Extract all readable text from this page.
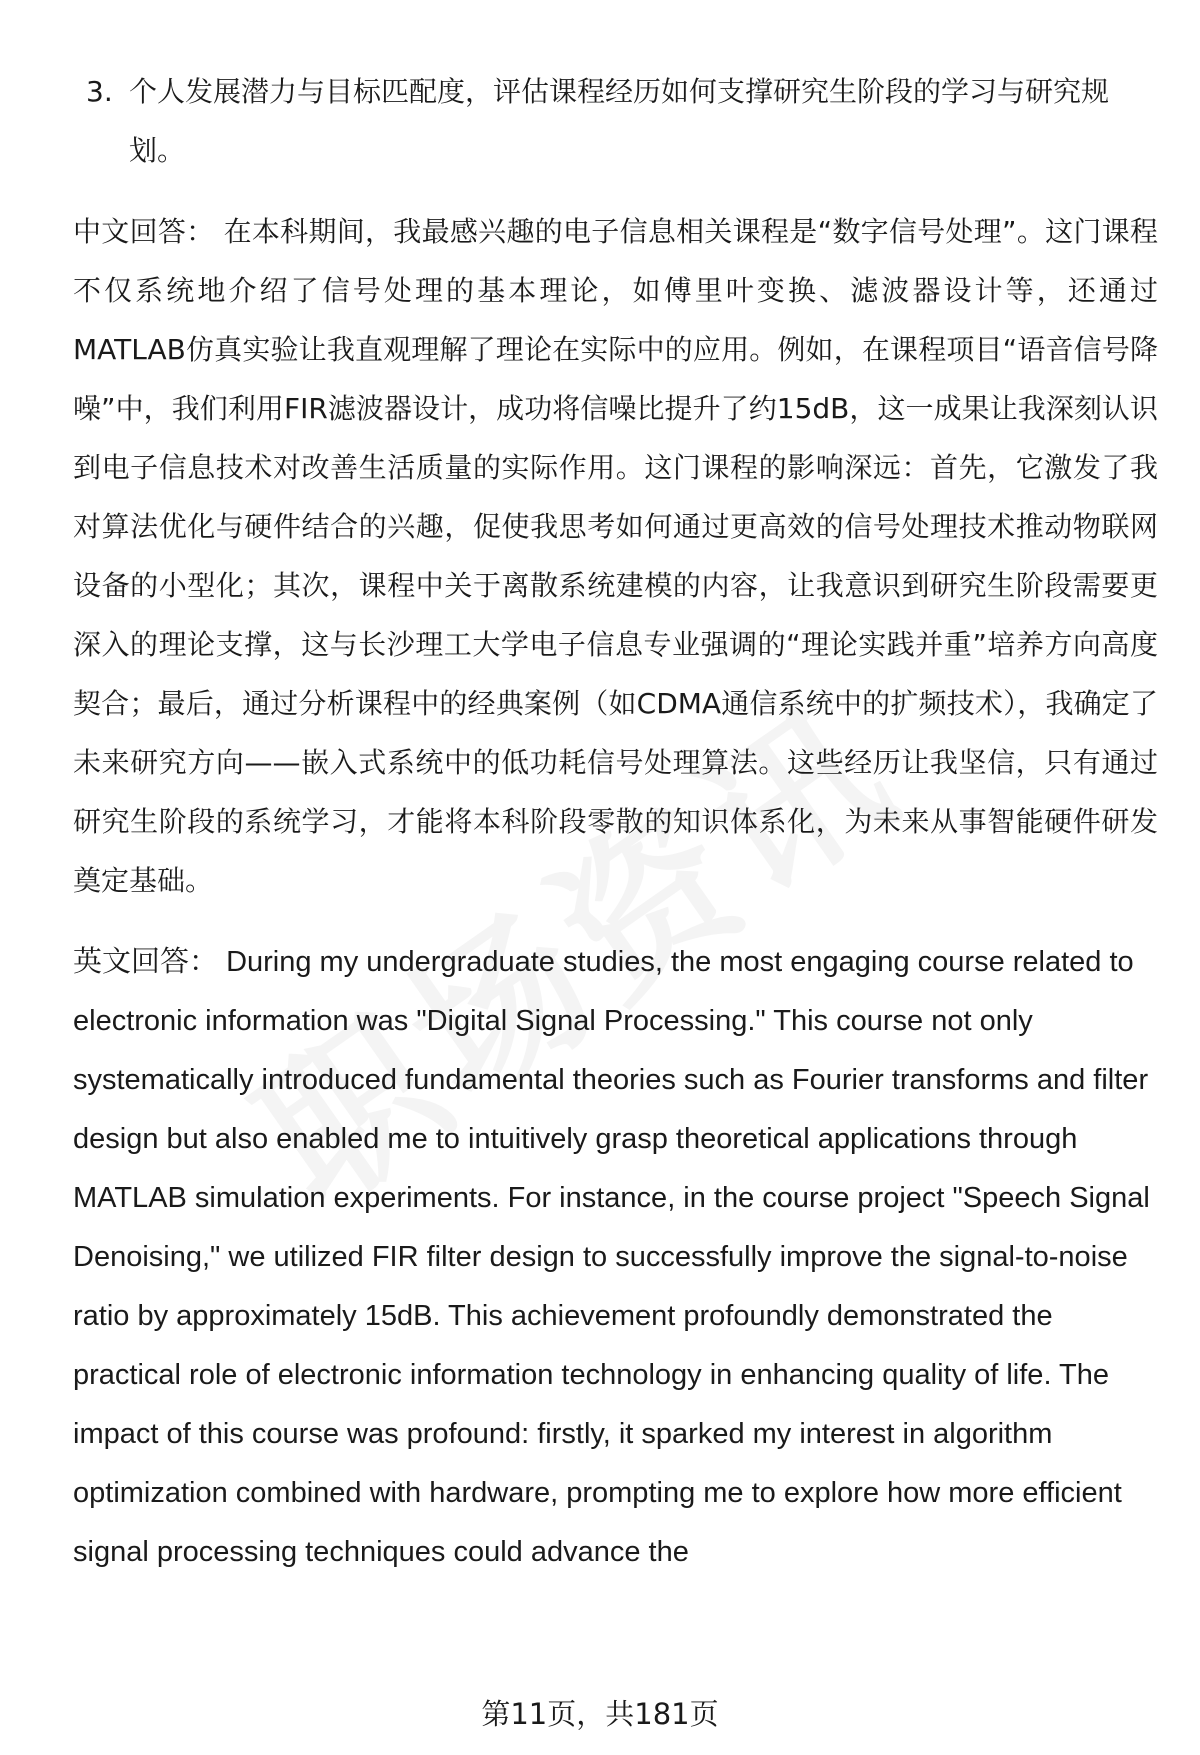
3. 个人发展潜力与目标匹配度，评估课程经历如何支撑研究生阶段的学习与研究规划。

中文回答： 在本科期间，我最感兴趣的电子信息相关课程是“数字信号处理”。这门课程不仅系统地介绍了信号处理的基本理论，如傅里叶变换、滤波器设计等，还通过MATLAB仿真实验让我直观理解了理论在实际中的应用。例如，在课程项目“语音信号降噪”中，我们利用FIR滤波器设计，成功将信噪比提升了约15dB，这一成果让我深刻认识到电子信息技术对改善生活质量的实际作用。这门课程的影响深远：首先，它激发了我对算法优化与硬件结合的兴趣，促使我思考如何通过更高效的信号处理技术推动物联网设备的小型化；其次，课程中关于离散系统建模的内容，让我意识到研究生阶段需要更深入的理论支撑，这与长沙理工大学电子信息专业强调的“理论实践并重”培养方向高度契合；最后，通过分析课程中的经典案例（如CDMA通信系统中的扩频技术），我确定了未来研究方向——嵌入式系统中的低功耗信号处理算法。这些经历让我坚信，只有通过研究生阶段的系统学习，才能将本科阶段零散的知识体系化，为未来从事智能硬件研发奠定基础。

英文回答： During my undergraduate studies, the most engaging course related to electronic information was "Digital Signal Processing." This course not only systematically introduced fundamental theories such as Fourier transforms and filter design but also enabled me to intuitively grasp theoretical applications through MATLAB simulation experiments. For instance, in the course project "Speech Signal Denoising," we utilized FIR filter design to successfully improve the signal-to-noise ratio by approximately 15dB. This achievement profoundly demonstrated the practical role of electronic information technology in enhancing quality of life. The impact of this course was profound: firstly, it sparked my interest in algorithm optimization combined with hardware, prompting me to explore how more efficient signal processing techniques could advance the

第11页，共181页
